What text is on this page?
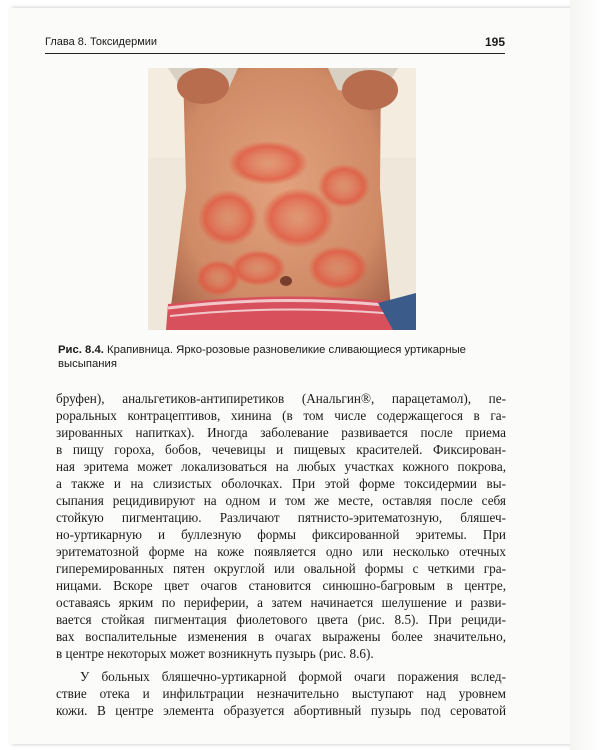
Глава 8. Токсидермии	195
Рис. 8.4. Крапивница. Ярко-розовые разновеликие сливающиеся уртикарные высыпания
бруфен), анальгетиков-антипиретиков (Анальгин®, парацетамол), пе-
роральных контрацептивов, хинина (в том числе содержащегося в га-
зированных напитках). Иногда заболевание развивается после приема
в пищу гороха, бобов, чечевицы и пищевых красителей. Фиксирован-
ная эритема может локализоваться на любых участках кожного покрова,
а также и на слизистых оболочках. При этой форме токсидермии вы-
сыпания рецидивируют на одном и том же месте, оставляя после себя
стойкую пигментацию. Различают пятнисто-эритематозную, бляшеч-
но-уртикарную и буллезную формы фиксированной эритемы. При
эритематозной форме на коже появляется одно или несколько отечных
гиперемированных пятен округлой или овальной формы с четкими гра-
ницами. Вскоре цвет очагов становится синюшно-багровым в центре,
оставаясь ярким по периферии, а затем начинается шелушение и разви-
вается стойкая пигментация фиолетового цвета (рис. 8.5). При рециди-
вах воспалительные изменения в очагах выражены более значительно,
в центре некоторых может возникнуть пузырь (рис. 8.6).
У больных бляшечно-уртикарной формой очаги поражения вслед-
ствие отека и инфильтрации незначительно выступают над уровнем
кожи. В центре элемента образуется абортивный пузырь под сероватой
